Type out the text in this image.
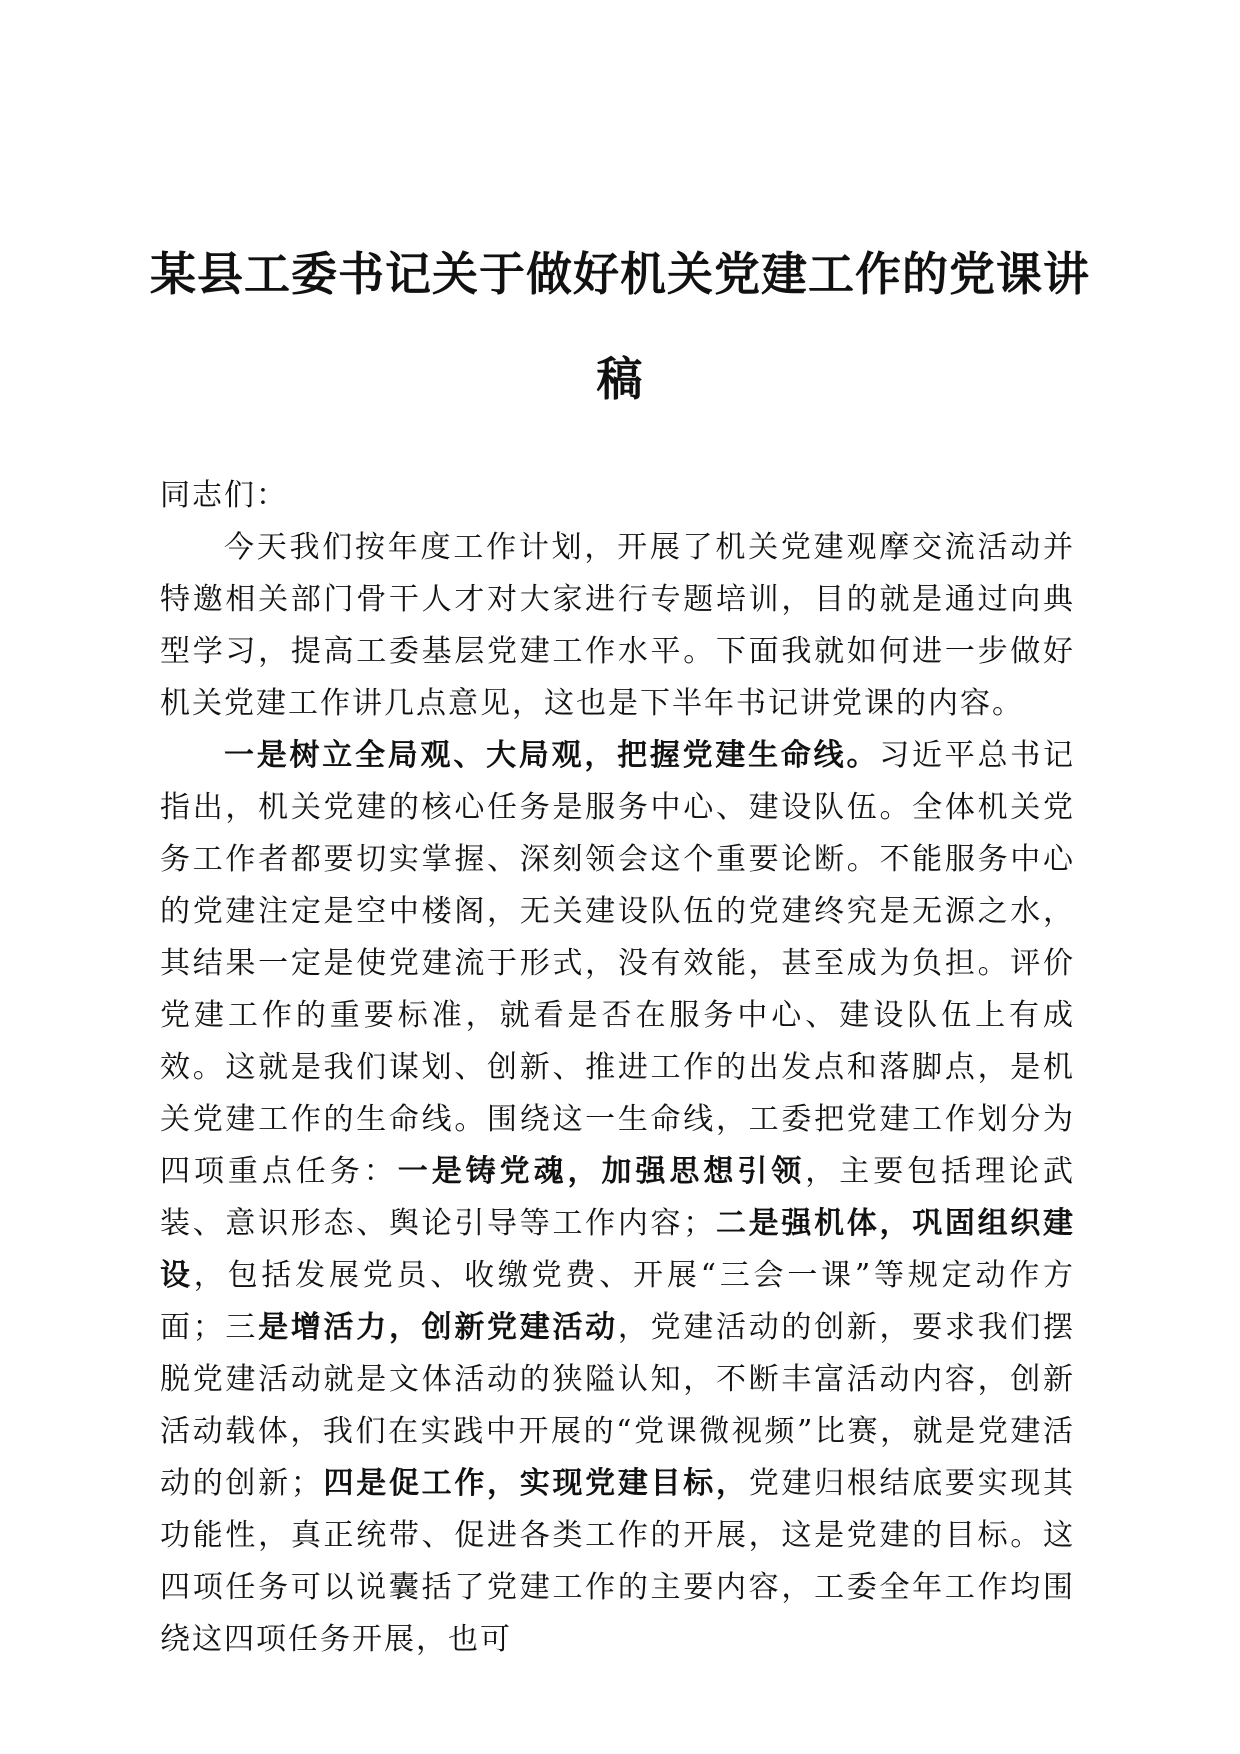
某县工委书记关于做好机关党建工作的党课讲稿

同志们：

今天我们按年度工作计划，开展了机关党建观摩交流活动并特邀相关部门骨干人才对大家进行专题培训，目的就是通过向典型学习，提高工委基层党建工作水平。下面我就如何进一步做好机关党建工作讲几点意见，这也是下半年书记讲党课的内容。

一是树立全局观、大局观，把握党建生命线。习近平总书记指出，机关党建的核心任务是服务中心、建设队伍。全体机关党务工作者都要切实掌握、深刻领会这个重要论断。不能服务中心的党建注定是空中楼阁，无关建设队伍的党建终究是无源之水，其结果一定是使党建流于形式，没有效能，甚至成为负担。评价党建工作的重要标准，就看是否在服务中心、建设队伍上有成效。这就是我们谋划、创新、推进工作的出发点和落脚点，是机关党建工作的生命线。围绕这一生命线，工委把党建工作划分为四项重点任务：一是铸党魂，加强思想引领，主要包括理论武装、意识形态、舆论引导等工作内容；二是强机体，巩固组织建设，包括发展党员、收缴党费、开展“三会一课”等规定动作方面；三是增活力，创新党建活动，党建活动的创新，要求我们摆脱党建活动就是文体活动的狭隘认知，不断丰富活动内容，创新活动载体，我们在实践中开展的“党课微视频”比赛，就是党建活动的创新；四是促工作，实现党建目标，党建归根结底要实现其功能性，真正统带、促进各类工作的开展，这是党建的目标。这四项任务可以说囊括了党建工作的主要内容，工委全年工作均围绕这四项任务开展，也可
